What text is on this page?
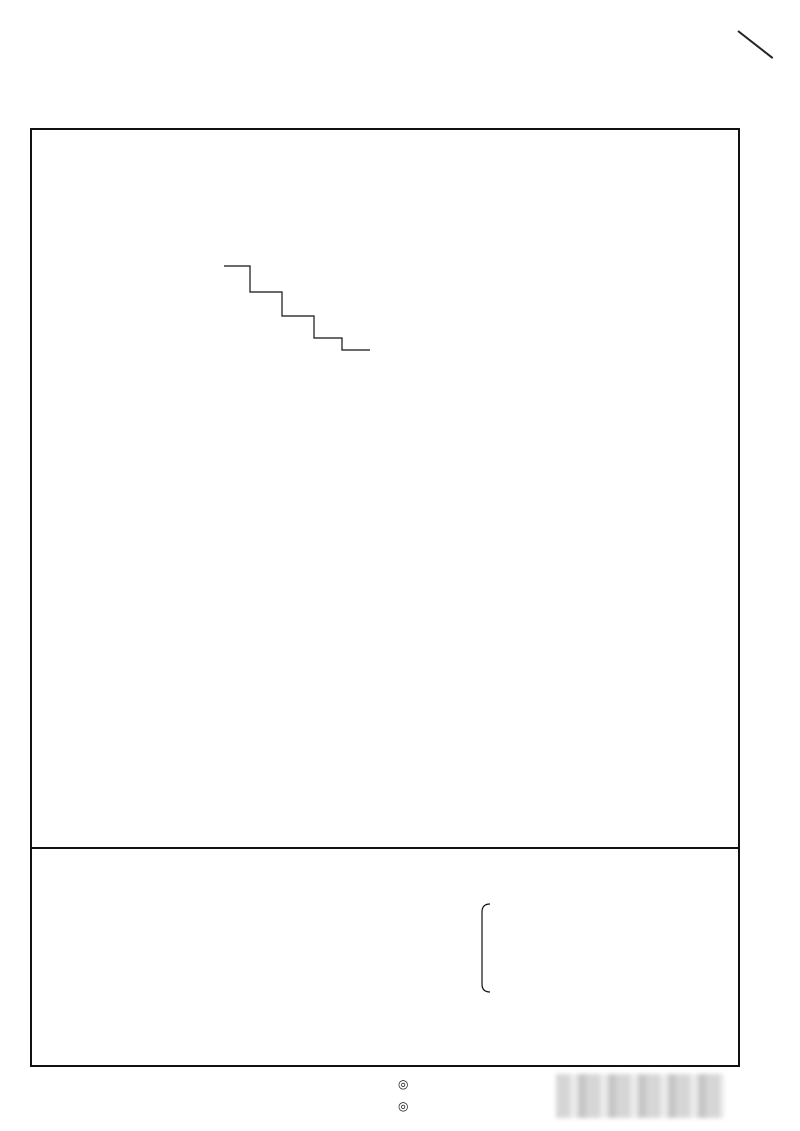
◎
◎
